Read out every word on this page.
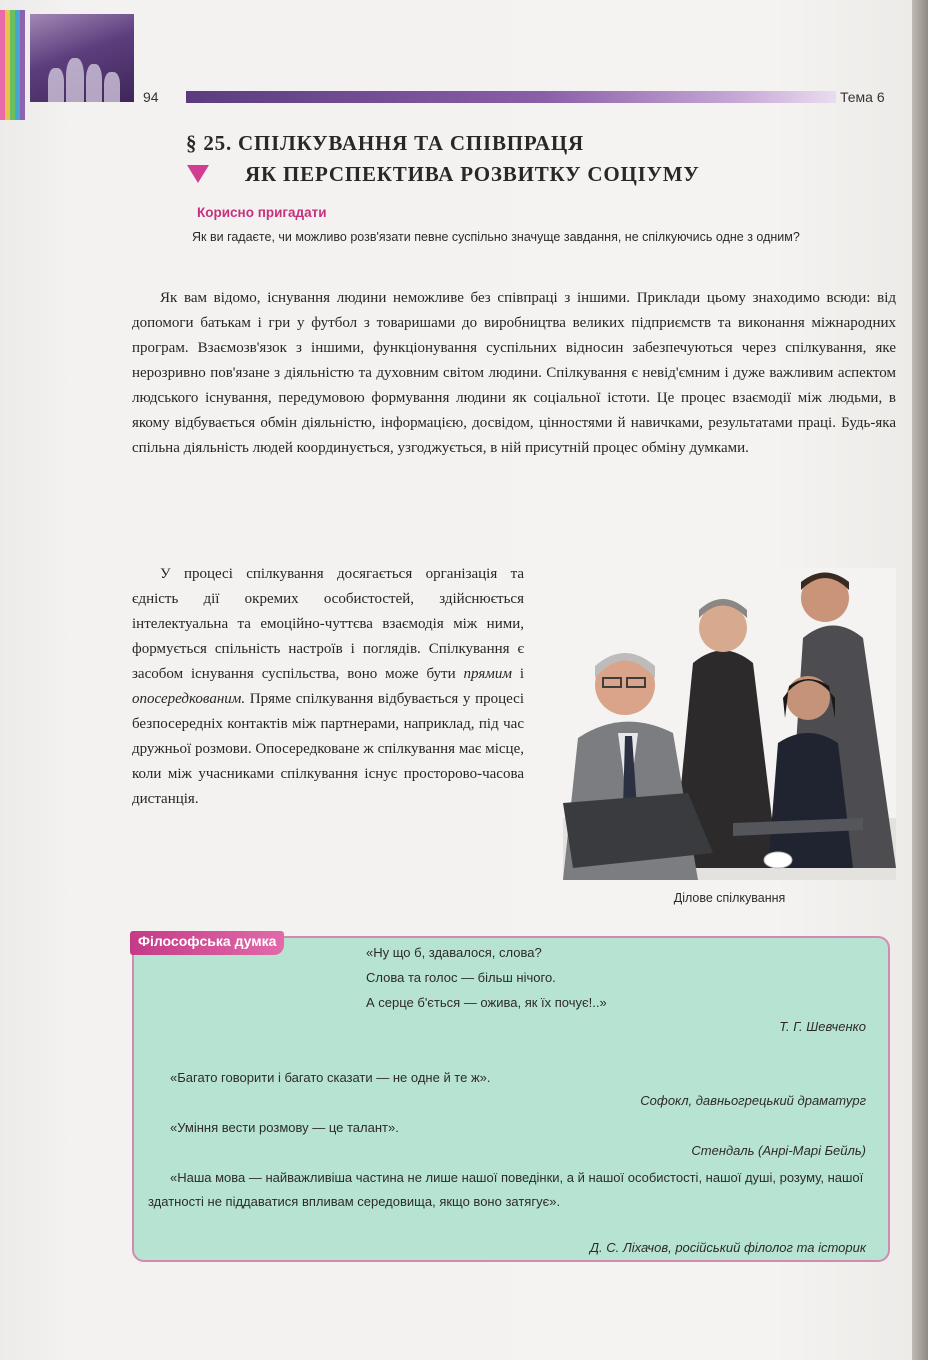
94	Тема 6
§ 25. СПІЛКУВАННЯ ТА СПІВПРАЦЯ
ЯК ПЕРСПЕКТИВА РОЗВИТКУ СОЦІУМУ
Корисно пригадати
Як ви гадаєте, чи можливо розв'язати певне суспільно значуще завдання, не спілкуючись одне з одним?
Як вам відомо, існування людини неможливе без співпраці з іншими. Приклади цьому знаходимо всюди: від допомоги батькам і гри у футбол з товаришами до виробництва великих підприємств та виконання міжнародних програм. Взаємозв'язок з іншими, функціонування суспільних відносин забезпечуються через спілкування, яке нерозривно пов'язане з діяльністю та духовним світом людини. Спілкування є невід'ємним і дуже важливим аспектом людського існування, передумовою формування людини як соціальної істоти. Це процес взаємодії між людьми, в якому відбувається обмін діяльністю, інформацією, досвідом, цінностями й навичками, результатами праці. Будь-яка спільна діяльність людей координується, узгоджується, в ній присутній процес обміну думками.

У процесі спілкування досягається організація та єдність дії окремих особистостей, здійснюється інтелектуальна та емоційно-чуттєва взаємодія між ними, формується спільність настроїв і поглядів. Спілкування є засобом існування суспільства, воно може бути прямим і опосередкованим. Пряме спілкування відбувається у процесі безпосередніх контактів між партнерами, наприклад, під час дружньої розмови. Опосередковане ж спілкування має місце, коли між учасниками спілкування існує просторово-часова дистанція.

Ділове спілкування
Філософська думка
«Ну що б, здавалося, слова?
Слова та голос — більш нічого.
А серце б'ється — ожива, як їх почує!..»
Т. Г. Шевченко
«Багато говорити і багато сказати — не одне й те ж».
Софокл, давньогрецький драматург
«Уміння вести розмову — це талант».
Стендаль (Анрі-Марі Бейль)
«Наша мова — найважливіша частина не лише нашої поведінки, а й нашої особистості, нашої душі, розуму, нашої здатності не піддаватися впливам середовища, якщо воно затягує».
Д. С. Ліхачов, російський філолог та історик
